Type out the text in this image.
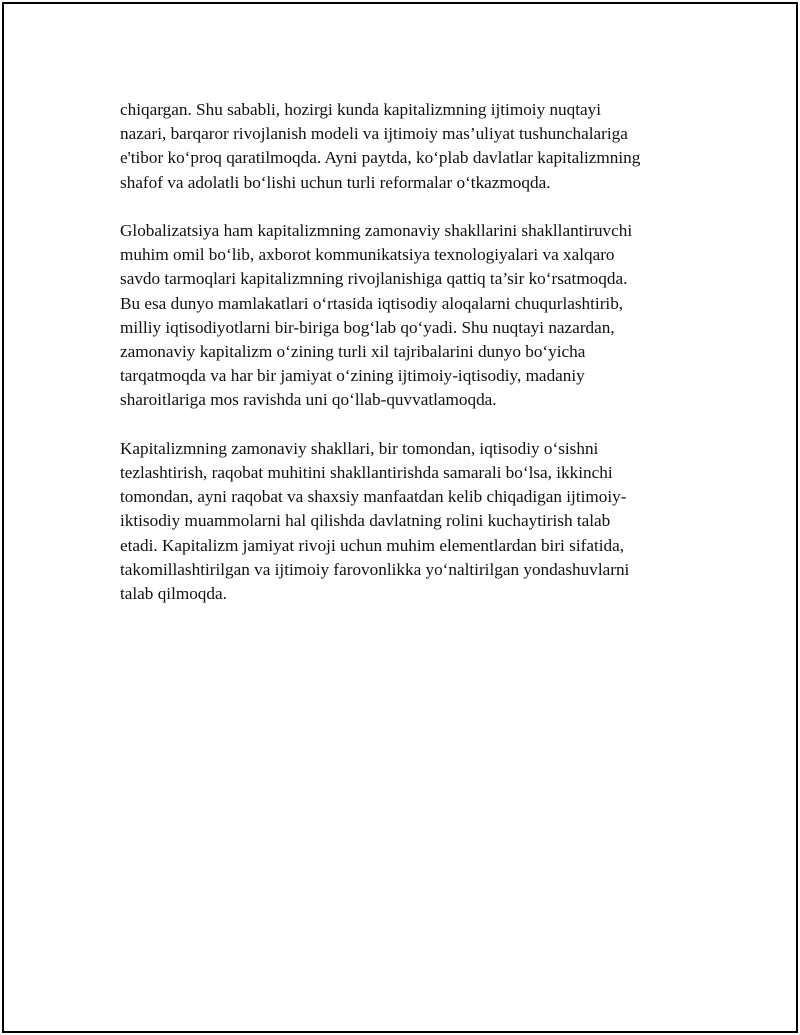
chiqargan. Shu sababli, hozirgi kunda kapitalizmning ijtimoiy nuqtayi
nazari, barqaror rivojlanish modeli va ijtimoiy mas’uliyat tushunchalariga
e'tibor ko‘proq qaratilmoqda. Ayni paytda, ko‘plab davlatlar kapitalizmning
shafof va adolatli bo‘lishi uchun turli reformalar o‘tkazmoqda.

Globalizatsiya ham kapitalizmning zamonaviy shakllarini shakllantiruvchi
muhim omil bo‘lib, axborot kommunikatsiya texnologiyalari va xalqaro
savdo tarmoqlari kapitalizmning rivojlanishiga qattiq ta’sir ko‘rsatmoqda.
Bu esa dunyo mamlakatlari o‘rtasida iqtisodiy aloqalarni chuqurlashtirib,
milliy iqtisodiyotlarni bir-biriga bog‘lab qo‘yadi. Shu nuqtayi nazardan,
zamonaviy kapitalizm o‘zining turli xil tajribalarini dunyo bo‘yicha
tarqatmoqda va har bir jamiyat o‘zining ijtimoiy-iqtisodiy, madaniy
sharoitlariga mos ravishda uni qo‘llab-quvvatlamoqda.

Kapitalizmning zamonaviy shakllari, bir tomondan, iqtisodiy o‘sishni
tezlashtirish, raqobat muhitini shakllantirishda samarali bo‘lsa, ikkinchi
tomondan, ayni raqobat va shaxsiy manfaatdan kelib chiqadigan ijtimoiy-
iktisodiy muammolarni hal qilishda davlatning rolini kuchaytirish talab
etadi. Kapitalizm jamiyat rivoji uchun muhim elementlardan biri sifatida,
takomillashtirilgan va ijtimoiy farovonlikka yo‘naltirilgan yondashuvlarni
talab qilmoqda.
